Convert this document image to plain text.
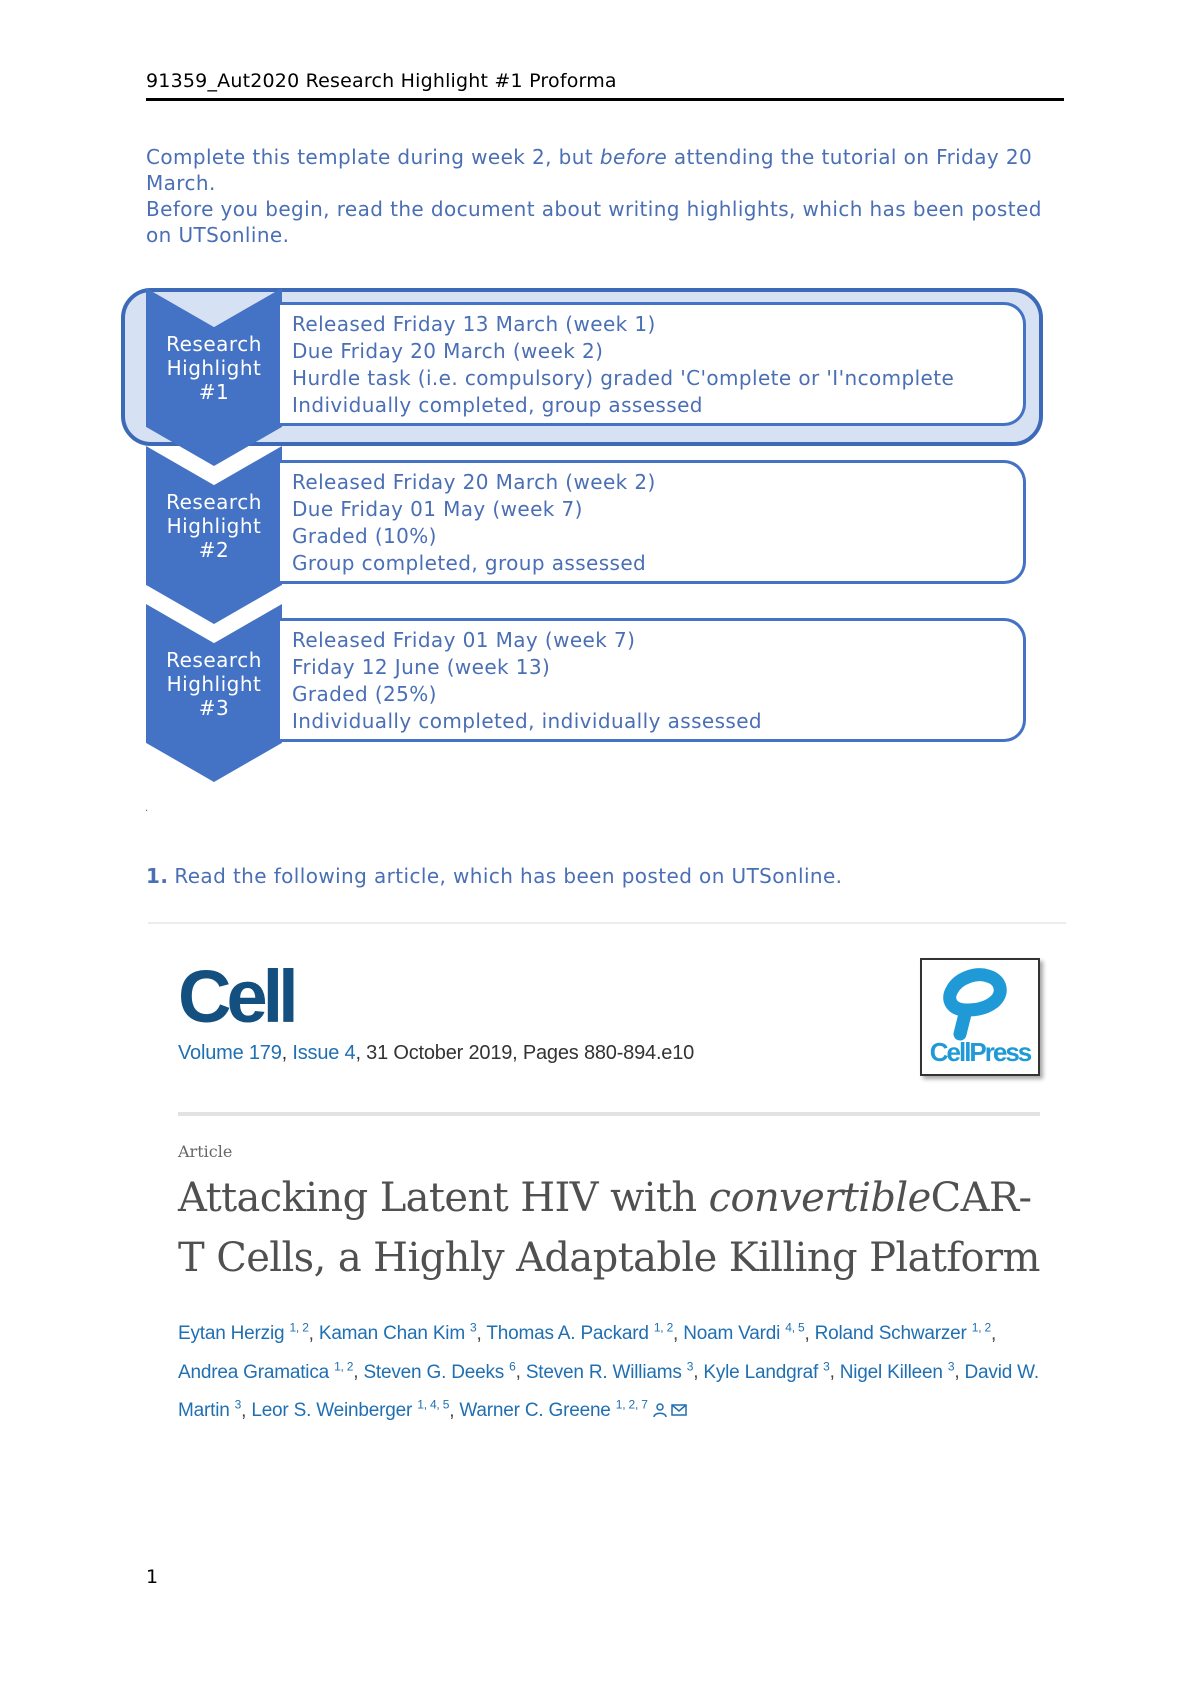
91359_Aut2020 Research Highlight #1 Proforma

Complete this template during week 2, but before attending the tutorial on Friday 20 March.

Before you begin, read the document about writing highlights, which has been posted on UTSonline.

Research
Highlight
#1
Released Friday 13 March (week 1)
Due Friday 20 March (week 2)
Hurdle task (i.e. compulsory) graded 'C'omplete or 'I'ncomplete
Individually completed, group assessed
Research
Highlight
#2
Released Friday 20 March (week 2)
Due Friday 01 May (week 7)
Graded (10%)
Group completed, group assessed
Research
Highlight
#3
Released Friday 01 May (week 7)
Friday 12 June (week 13)
Graded (25%)
Individually completed, individually assessed
·
1. Read the following article, which has been posted on UTSonline.
Cell
Volume 179, Issue 4, 31 October 2019, Pages 880-894.e10	CellPress
Article
Attacking Latent HIV with convertibleCAR-T Cells, a Highly Adaptable Killing Platform
Eytan Herzig $^{1, 2}$, Kaman Chan Kim $^3$, Thomas A. Packard $^{1, 2}$, Noam Vardi $^{4, 5}$, Roland Schwarzer $^{1, 2}$, Andrea Gramatica $^{1, 2}$, Steven G. Deeks $^6$, Steven R. Williams $^3$, Kyle Landgraf $^3$, Nigel Killeen $^3$, David W. Martin $^3$, Leor S. Weinberger $^{1, 4, 5}$, Warner C. Greene $^{1, 2, 7}$
1
